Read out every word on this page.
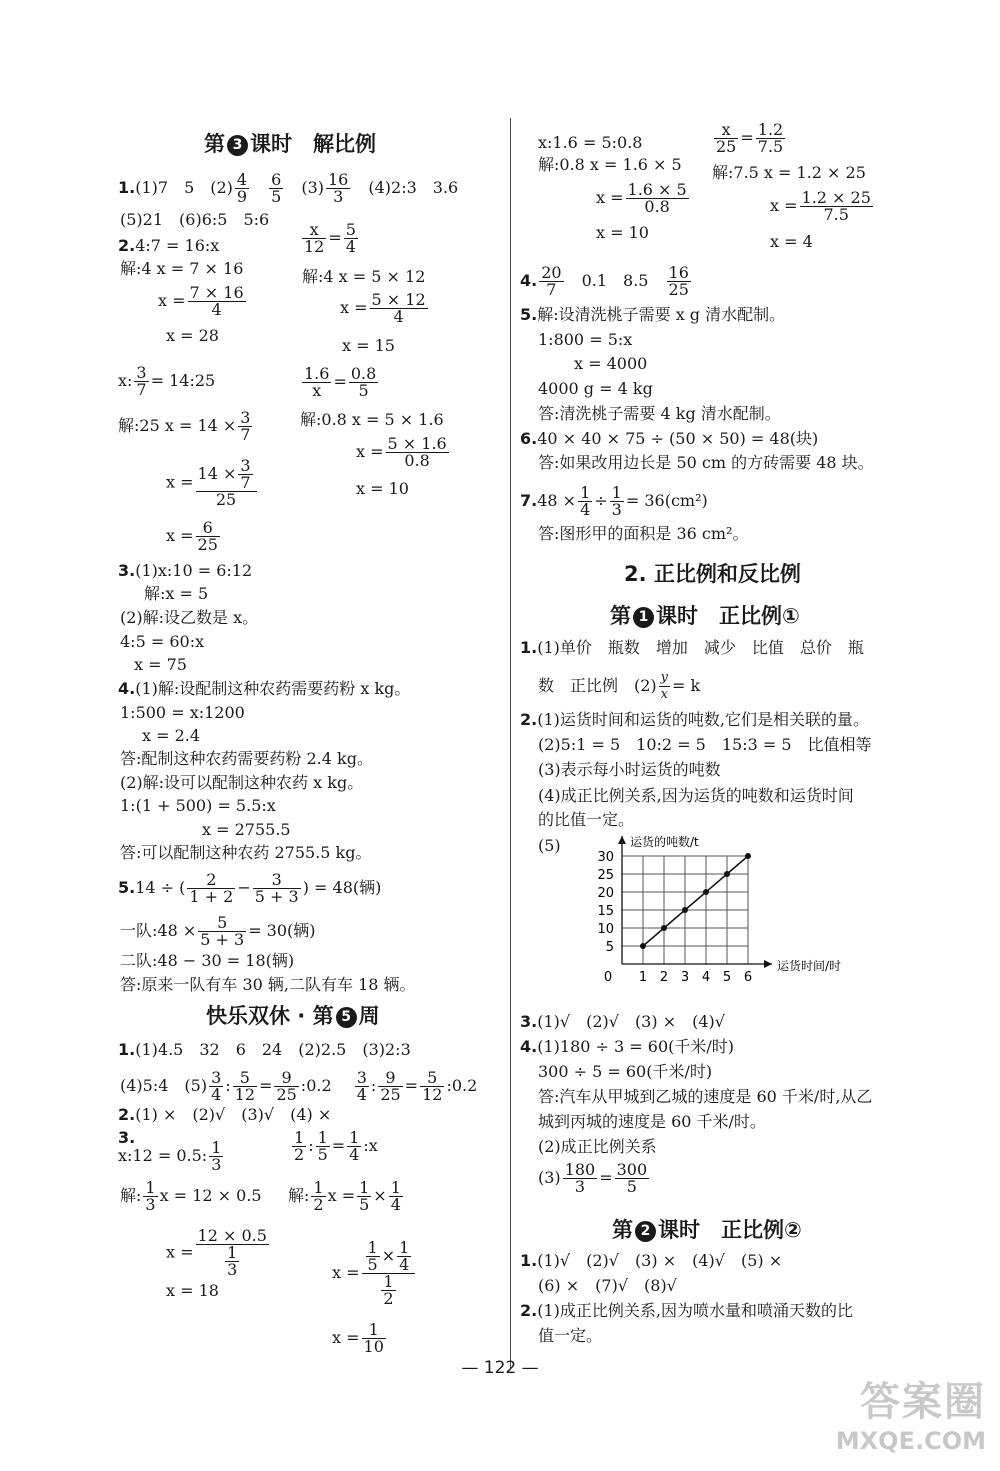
第 3 课时　解比例
1.(1)7　5　$(2) \frac{4}{9}$
　 $\frac{6}{5}$
　 $(3) \frac{16}{3}$
　 (4)2:3　3.6
(5)21　(6)6:5　5:6
2.4:7 = 16:x
解:4 x = 7 × 16
$x = \frac{7 \times 16}{4}$
x = 28
$\frac{x}{12} = \frac{5}{4}$
解:4 x = 5 × 12
$x = \frac{5 \times 12}{4}$
x = 15
x: $\frac{3}{7}$ = 14:25
解:25 $x = 14 \times \frac{3}{7}$
$x = \frac{14 \times \frac{3}{7}}{25}$
$x = \frac{6}{25}$
$\frac{1.6}{x} = \frac{0.8}{5}$
解:0.8 x = 5 × 1.6
$x = \frac{5 \times 1.6}{0.8}$
x = 10
3.(1)x:10 = 6:12
解:x = 5
(2)解:设乙数是 x。
4:5 = 60:x
x = 75
4.(1)解:设配制这种农药需要药粉 x kg。
1:500 = x:1200
x = 2.4
答:配制这种农药需要药粉 2.4 kg。
(2)解:设可以配制这种农药 x kg。
1:(1 + 500) = 5.5:x
x = 2755.5
答:可以配制这种农药 2755.5 kg。
5.14 ÷ ( $\frac{2}{1 + 2} - \frac{3}{5 + 3}$ ) = 48(辆)
一队:48 × $\frac{5}{5 + 3} = 30$(辆)
二队:48 − 30 = 18(辆)
答:原来一队有车 30 辆,二队有车 18 辆。
快乐双休 · 第 5 周
1.(1)4.5　32　6　24　(2)2.5　(3)2:3
(4)5:4　$(5) \frac{3}{4}$ : $\frac{5}{12} = \frac{9}{25}$ :0.2 　 $\frac{3}{4}$ : $\frac{9}{25} = \frac{5}{12}$ :0.2
2.(1) ×　(2)√　(3)√　(4) ×
3.
x:12 = 0.5: $\frac{1}{3}$
解: $\frac{1}{3}$ x = 12 × 0.5
$x = \frac{12 \times 0.5}{\frac{1}{3}}$
x = 18
$\frac{1}{2}$ : $\frac{1}{5} = \frac{1}{4}$ :x
解: $\frac{1}{2}$ $x = \frac{1}{5} \times \frac{1}{4}$
$x = \frac{\frac{1}{5} \times \frac{1}{4}}{\frac{1}{2}}$
$x = \frac{1}{10}$
x:1.6 = 5:0.8
解:0.8 x = 1.6 × 5
$x = \frac{1.6 \times 5}{0.8}$
x = 10
$\frac{x}{25} = \frac{1.2}{7.5}$
解:7.5 x = 1.2 × 25
$x = \frac{1.2 \times 25}{7.5}$
x = 4
4. $\frac{20}{7}$
　 0.1　8.5　 $\frac{16}{25}$
5.解:设清洗桃子需要 x g 清水配制。
1:800 = 5:x
x = 4000
4000 g = 4 kg
答:清洗桃子需要 4 kg 清水配制。
6.40 × 40 × 75 ÷ (50 × 50) = 48(块)
答:如果改用边长是 50 cm 的方砖需要 48 块。
$7.48 \times \frac{1}{4} \div \frac{1}{3} = 36(cm^2)$
答:图形甲的面积是 36 cm²。
2. 正比例和反比例
第 1 课时　正比例①
1.(1)单价　瓶数　增加　减少　比值　总价　瓶
数　正比例　$(2) \frac{y}{x} = k$
2.(1)运货时间和运货的吨数,它们是相关联的量。
(2)5:1 = 5　10:2 = 5　15:3 = 5　比值相等
(3)表示每小时运货的吨数
(4)成正比例关系,因为运货的吨数和运货时间
的比值一定。
(5)
0 1 2 3 4 5 6
5
10
15
20
25
30
运货的吨数/t
运货时间/时
3.(1)√　(2)√　(3) ×　(4)√
4.(1)180 ÷ 3 = 60(千米/时)
300 ÷ 5 = 60(千米/时)
答:汽车从甲城到乙城的速度是 60 千米/时,从乙
城到丙城的速度是 60 千米/时。
(2)成正比例关系
$(3) \frac{180}{3} = \frac{300}{5}$
第 2 课时　正比例②
1.(1)√　(2)√　(3) ×　(4)√　(5) ×
(6) ×　(7)√　(8)√
2.(1)成正比例关系,因为喷水量和喷涌天数的比
值一定。
— 122 —
答案圈
MXQE.COM
